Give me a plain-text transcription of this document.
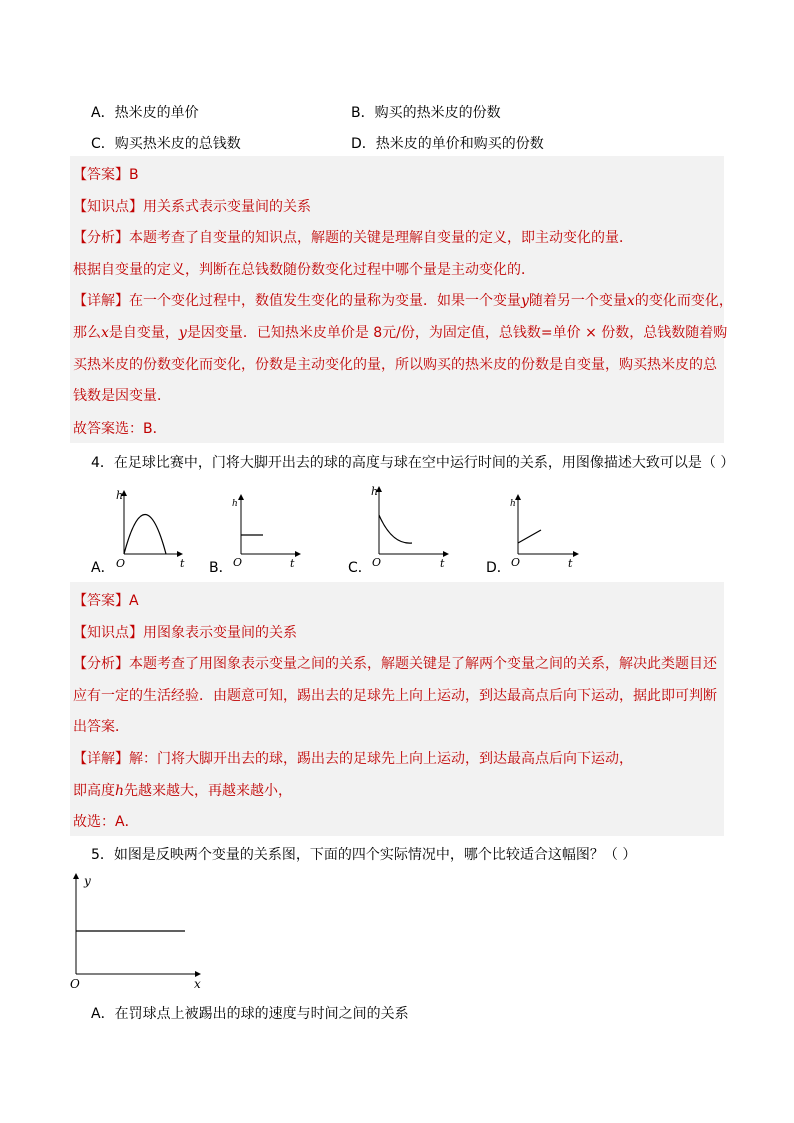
A．热米皮的单价	B．购买的热米皮的份数
C．购买热米皮的总钱数	D．热米皮的单价和购买的份数
【答案】B
【知识点】用关系式表示变量间的关系
【分析】本题考查了自变量的知识点，解题的关键是理解自变量的定义，即主动变化的量．
根据自变量的定义，判断在总钱数随份数变化过程中哪个量是主动变化的．
【详解】在一个变化过程中，数值发生变化的量称为变量．如果一个变量y随着另一个变量x的变化而变化，
那么x是自变量，y是因变量．已知热米皮单价是 8元/份，为固定值，总钱数=单价 × 份数，总钱数随着购
买热米皮的份数变化而变化，份数是主动变化的量，所以购买的热米皮的份数是自变量，购买热米皮的总
钱数是因变量．
故答案选：B．
4．在足球比赛中，门将大脚开出去的球的高度与球在空中运行时间的关系，用图像描述大致可以是（ ）
h
O	t
h
O	t
h
O	t
h
O	t
A．	B．	C．	D．
【答案】A
【知识点】用图象表示变量间的关系
【分析】本题考查了用图象表示变量之间的关系，解题关键是了解两个变量之间的关系，解决此类题目还
应有一定的生活经验．由题意可知，踢出去的足球先上向上运动，到达最高点后向下运动，据此即可判断
出答案．
【详解】解：门将大脚开出去的球，踢出去的足球先上向上运动，到达最高点后向下运动，
即高度h先越来越大，再越来越小，
故选：A．
5．如图是反映两个变量的关系图，下面的四个实际情况中，哪个比较适合这幅图？（ ）
y
O	x
A．在罚球点上被踢出的球的速度与时间之间的关系
